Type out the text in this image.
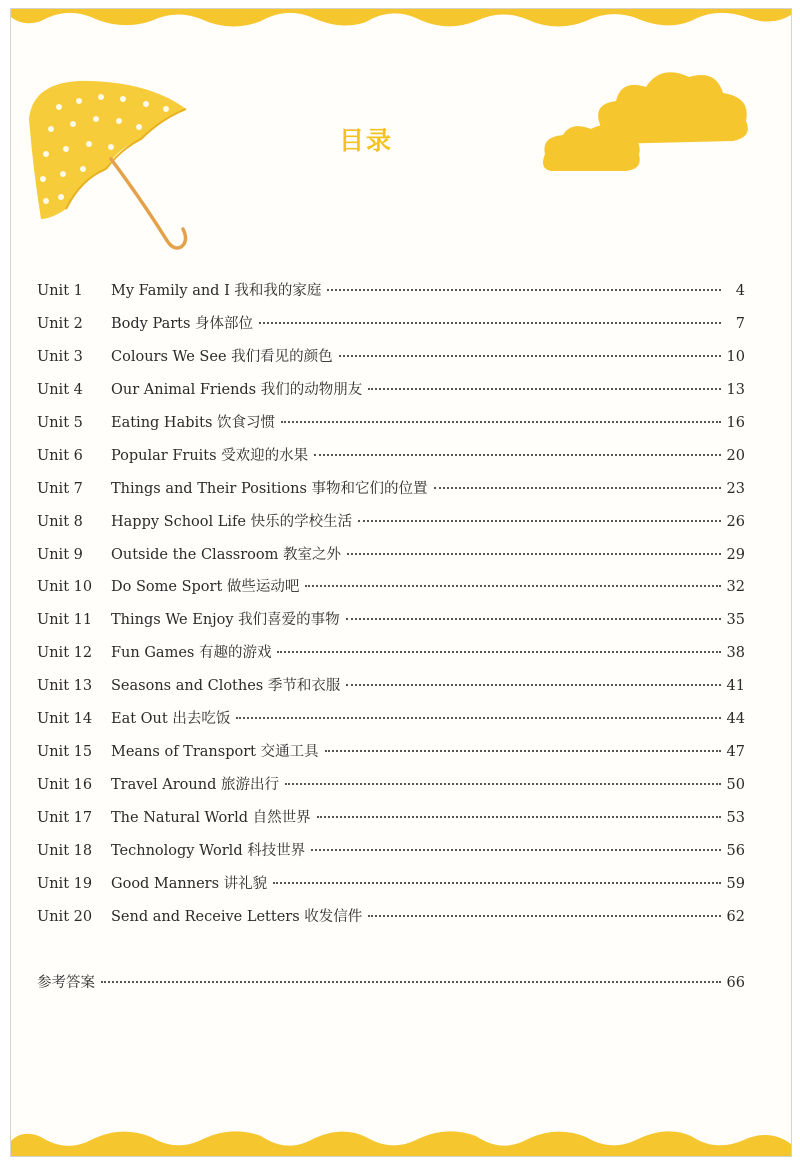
目录
Unit 1	My Family and I 我和我的家庭	4
Unit 2	Body Parts 身体部位	7
Unit 3	Colours We See 我们看见的颜色	10
Unit 4	Our Animal Friends 我们的动物朋友	13
Unit 5	Eating Habits 饮食习惯	16
Unit 6	Popular Fruits 受欢迎的水果	20
Unit 7	Things and Their Positions 事物和它们的位置	23
Unit 8	Happy School Life 快乐的学校生活	26
Unit 9	Outside the Classroom 教室之外	29
Unit 10	Do Some Sport 做些运动吧	32
Unit 11	Things We Enjoy 我们喜爱的事物	35
Unit 12	Fun Games 有趣的游戏	38
Unit 13	Seasons and Clothes 季节和衣服	41
Unit 14	Eat Out 出去吃饭	44
Unit 15	Means of Transport 交通工具	47
Unit 16	Travel Around 旅游出行	50
Unit 17	The Natural World 自然世界	53
Unit 18	Technology World 科技世界	56
Unit 19	Good Manners 讲礼貌	59
Unit 20	Send and Receive Letters 收发信件	62
参考答案	66
